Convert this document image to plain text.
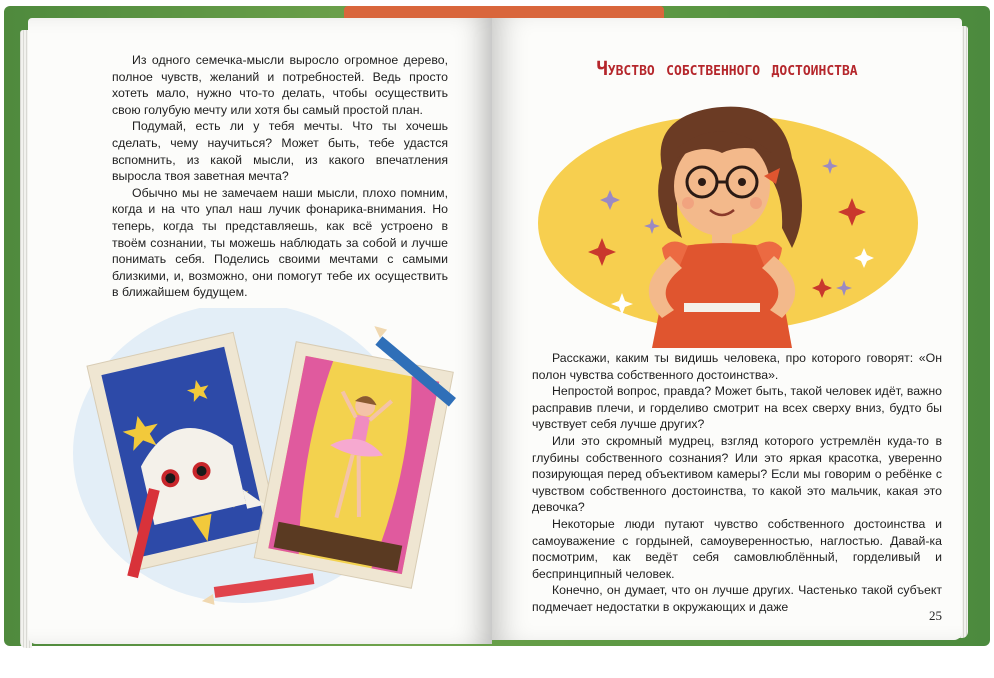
Из одного семечка-мысли выросло огромное дерево, полное чувств, желаний и потребностей. Ведь просто хотеть мало, нужно что-то делать, чтобы осуществить свою голубую мечту или хотя бы самый простой план.

Подумай, есть ли у тебя мечты. Что ты хочешь сделать, чему научиться? Может быть, тебе удастся вспомнить, из какой мысли, из какого впечатления выросла твоя заветная мечта?

Обычно мы не замечаем наши мысли, плохо помним, когда и на что упал наш лучик фонарика-внимания. Но теперь, когда ты представляешь, как всё устроено в твоём сознании, ты можешь наблюдать за собой и лучше понимать себя. Поделись своими мечтами с самыми близкими, и, возможно, они помогут тебе их осуществить в ближайшем будущем.

Чувство собственного достоинства

Расскажи, каким ты видишь человека, про которого говорят: «Он полон чувства собственного достоинства».

Непростой вопрос, правда? Может быть, такой человек идёт, важно расправив плечи, и горделиво смотрит на всех сверху вниз, будто бы чувствует себя лучше других?

Или это скромный мудрец, взгляд которого устремлён куда-то в глубины собственного сознания? Или это яркая красотка, уверенно позирующая перед объективом камеры? Если мы говорим о ребёнке с чувством собственного достоинства, то какой это мальчик, какая это девочка?

Некоторые люди путают чувство собственного достоинства и самоуважение с гордыней, самоуверенностью, наглостью. Давай-ка посмотрим, как ведёт себя самовлюблённый, горделивый и беспринципный человек.

Конечно, он думает, что он лучше других. Частенько такой субъект подмечает недостатки в окружающих и даже

25
